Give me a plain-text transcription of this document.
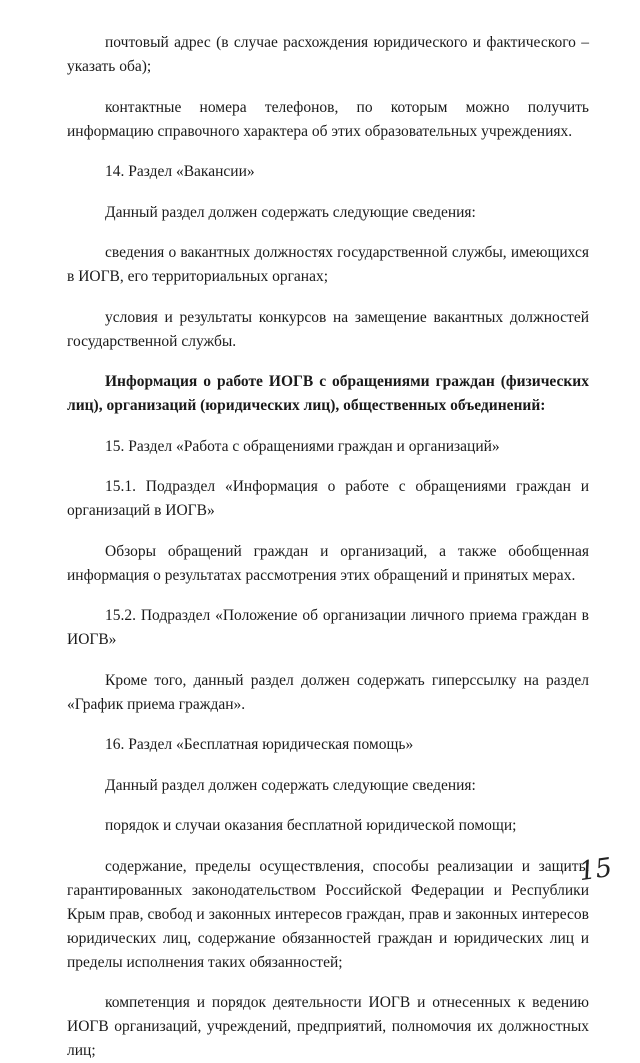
почтовый адрес (в случае расхождения юридического и фактического – указать оба);

контактные номера телефонов, по которым можно получить информацию справочного характера об этих образовательных учреждениях.

14. Раздел «Вакансии»

Данный раздел должен содержать следующие сведения:

сведения о вакантных должностях государственной службы, имеющихся в ИОГВ, его территориальных органах;

условия и результаты конкурсов на замещение вакантных должностей государственной службы.

Информация о работе ИОГВ с обращениями граждан (физических лиц), организаций (юридических лиц), общественных объединений:

15. Раздел «Работа с обращениями граждан и организаций»

15.1. Подраздел «Информация о работе с обращениями граждан и организаций в ИОГВ»

Обзоры обращений граждан и организаций, а также обобщенная информация о результатах рассмотрения этих обращений и принятых мерах.

15.2. Подраздел «Положение об организации личного приема граждан в ИОГВ»

Кроме того, данный раздел должен содержать гиперссылку на раздел «График приема граждан».

16. Раздел «Бесплатная юридическая помощь»

Данный раздел должен содержать следующие сведения:

порядок и случаи оказания бесплатной юридической помощи;

содержание, пределы осуществления, способы реализации и защиты гарантированных законодательством Российской Федерации и Республики Крым прав, свобод и законных интересов граждан, прав и законных интересов юридических лиц, содержание обязанностей граждан и юридических лиц и пределы исполнения таких обязанностей;

компетенция и порядок деятельности ИОГВ и отнесенных к ведению ИОГВ организаций, учреждений, предприятий, полномочия их должностных лиц;

15
